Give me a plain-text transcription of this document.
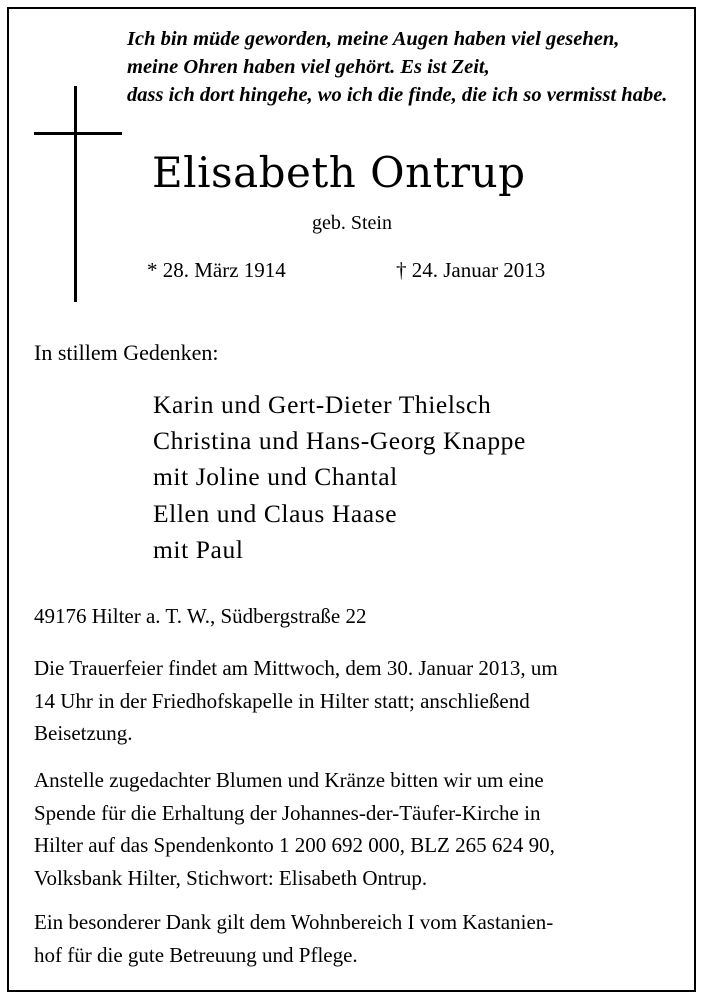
Ich bin müde geworden, meine Augen haben viel gesehen,
meine Ohren haben viel gehört. Es ist Zeit,
dass ich dort hingehe, wo ich die finde, die ich so vermisst habe.
Elisabeth Ontrup
geb. Stein
* 28. März 1914	† 24. Januar 2013
In stillem Gedenken:
Karin und Gert-Dieter Thielsch
Christina und Hans-Georg Knappe
mit Joline und Chantal
Ellen und Claus Haase
mit Paul
49176 Hilter a. T. W., Südbergstraße 22
Die Trauerfeier findet am Mittwoch, dem 30. Januar 2013, um
14 Uhr in der Friedhofskapelle in Hilter statt; anschließend
Beisetzung.
Anstelle zugedachter Blumen und Kränze bitten wir um eine
Spende für die Erhaltung der Johannes-der-Täufer-Kirche in
Hilter auf das Spendenkonto 1 200 692 000, BLZ 265 624 90,
Volksbank Hilter, Stichwort: Elisabeth Ontrup.
Ein besonderer Dank gilt dem Wohnbereich I vom Kastanien-
hof für die gute Betreuung und Pflege.
